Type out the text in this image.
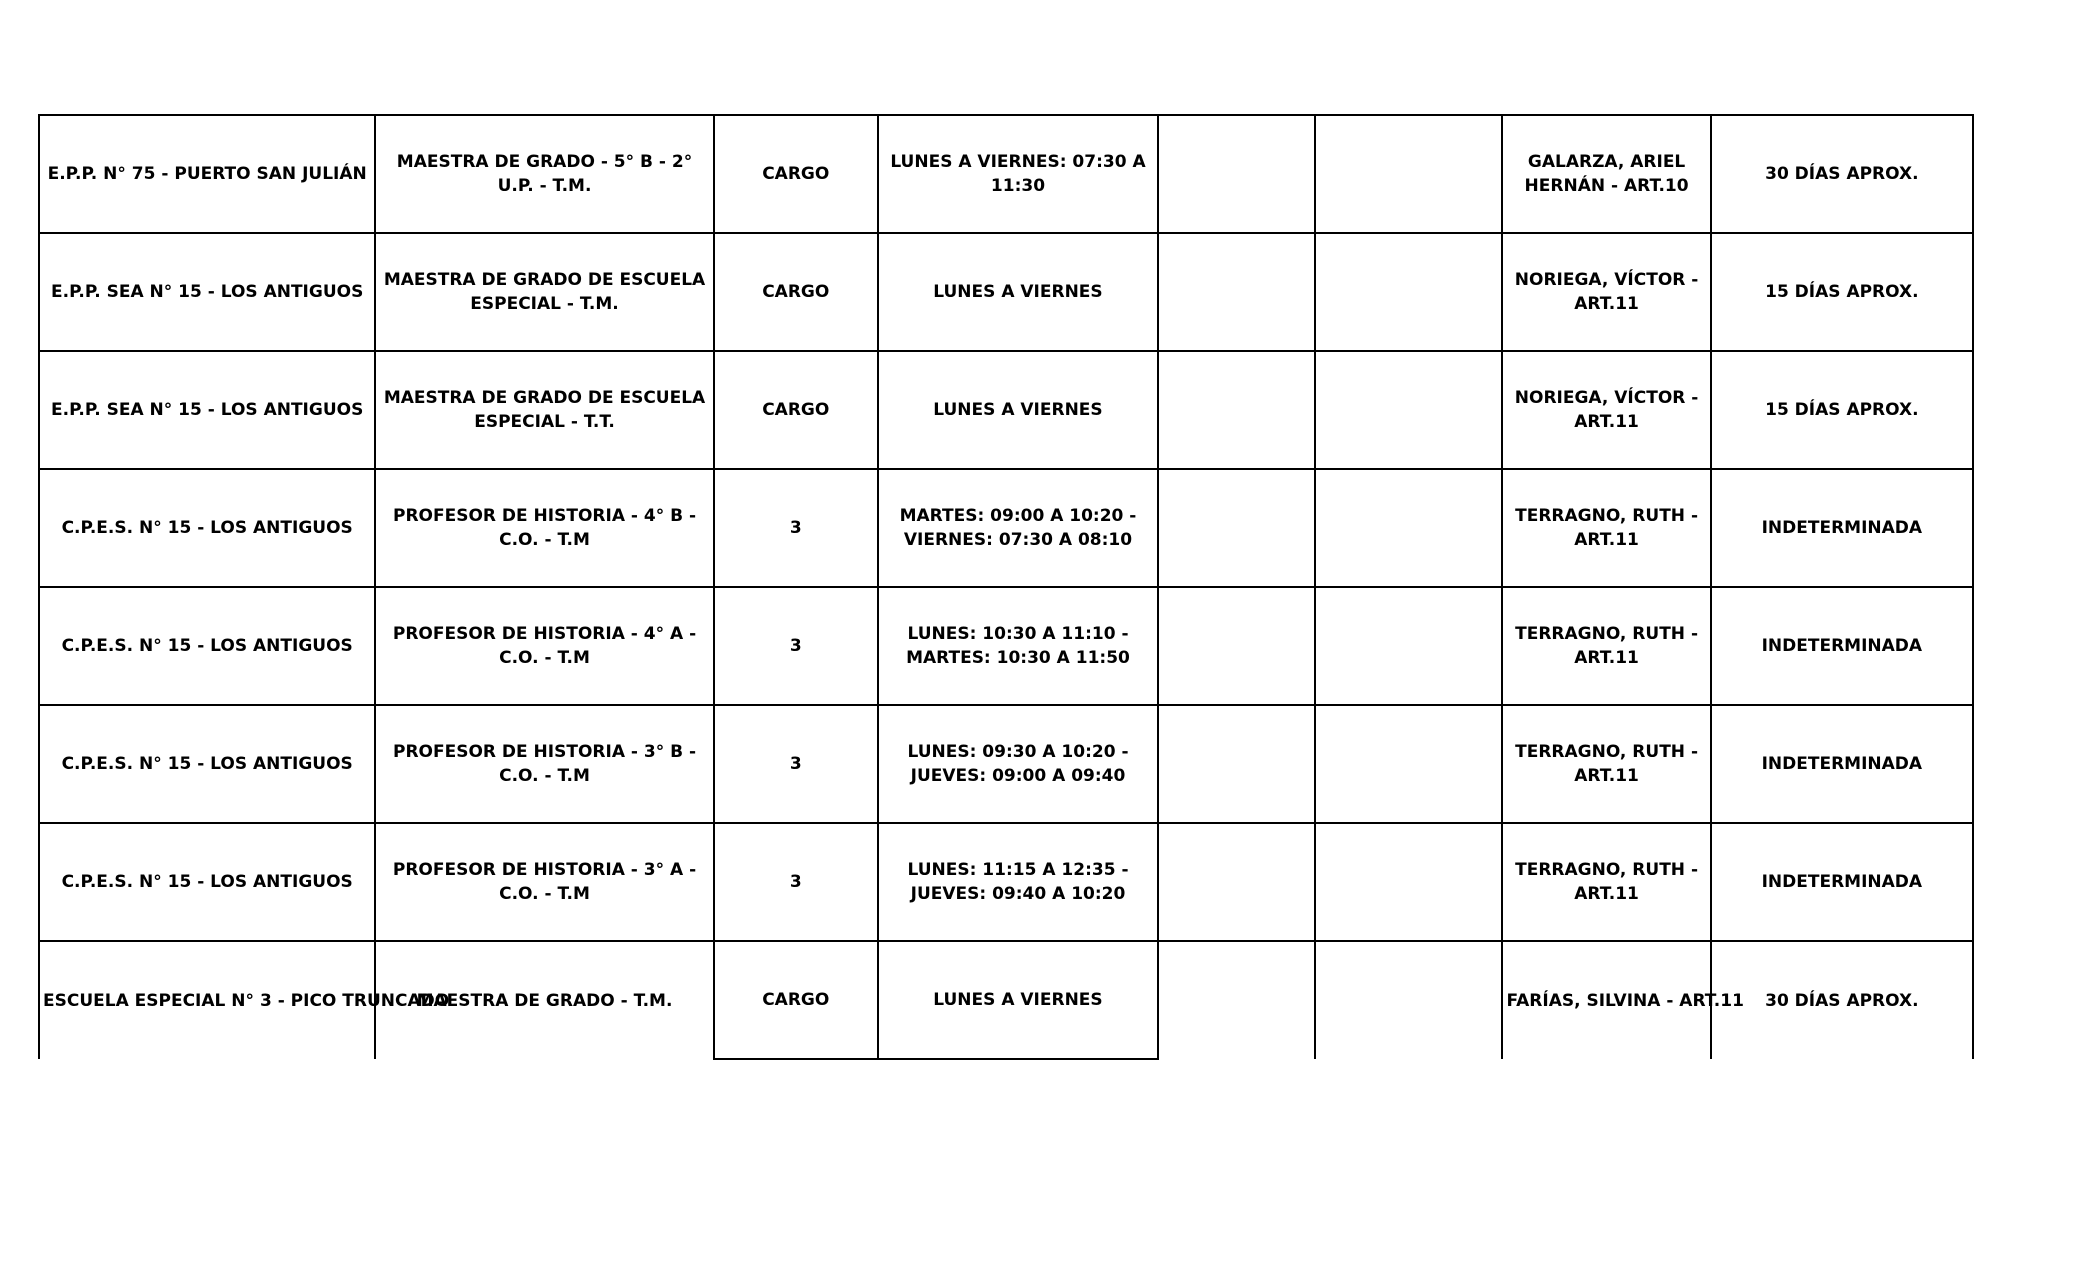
E.P.P. N° 75 - PUERTO SAN JULIÁN	MAESTRA DE GRADO - 5° B - 2° U.P. - T.M.	CARGO	LUNES A VIERNES: 07:30 A 11:30			GALARZA, ARIEL HERNÁN - ART.10	30 DÍAS APROX.
E.P.P. SEA N° 15 - LOS ANTIGUOS	MAESTRA DE GRADO DE ESCUELA ESPECIAL - T.M.	CARGO	LUNES A VIERNES			NORIEGA, VÍCTOR - ART.11	15 DÍAS APROX.
E.P.P. SEA N° 15 - LOS ANTIGUOS	MAESTRA DE GRADO DE ESCUELA ESPECIAL - T.T.	CARGO	LUNES A VIERNES			NORIEGA, VÍCTOR - ART.11	15 DÍAS APROX.
C.P.E.S. N° 15 - LOS ANTIGUOS	PROFESOR DE HISTORIA - 4° B - C.O. - T.M	3	MARTES: 09:00 A 10:20 - VIERNES: 07:30 A 08:10			TERRAGNO, RUTH - ART.11	INDETERMINADA
C.P.E.S. N° 15 - LOS ANTIGUOS	PROFESOR DE HISTORIA - 4° A - C.O. - T.M	3	LUNES: 10:30 A 11:10 - MARTES: 10:30 A 11:50			TERRAGNO, RUTH - ART.11	INDETERMINADA
C.P.E.S. N° 15 - LOS ANTIGUOS	PROFESOR DE HISTORIA - 3° B - C.O. - T.M	3	LUNES: 09:30 A 10:20 - JUEVES: 09:00 A 09:40			TERRAGNO, RUTH - ART.11	INDETERMINADA
C.P.E.S. N° 15 - LOS ANTIGUOS	PROFESOR DE HISTORIA - 3° A - C.O. - T.M	3	LUNES: 11:15 A 12:35 - JUEVES: 09:40 A 10:20			TERRAGNO, RUTH - ART.11	INDETERMINADA
ESCUELA ESPECIAL N° 3 - PICO TRUNCADO	MAESTRA DE GRADO - T.M.	CARGO	LUNES A VIERNES			FARÍAS, SILVINA - ART.11	30 DÍAS APROX.
